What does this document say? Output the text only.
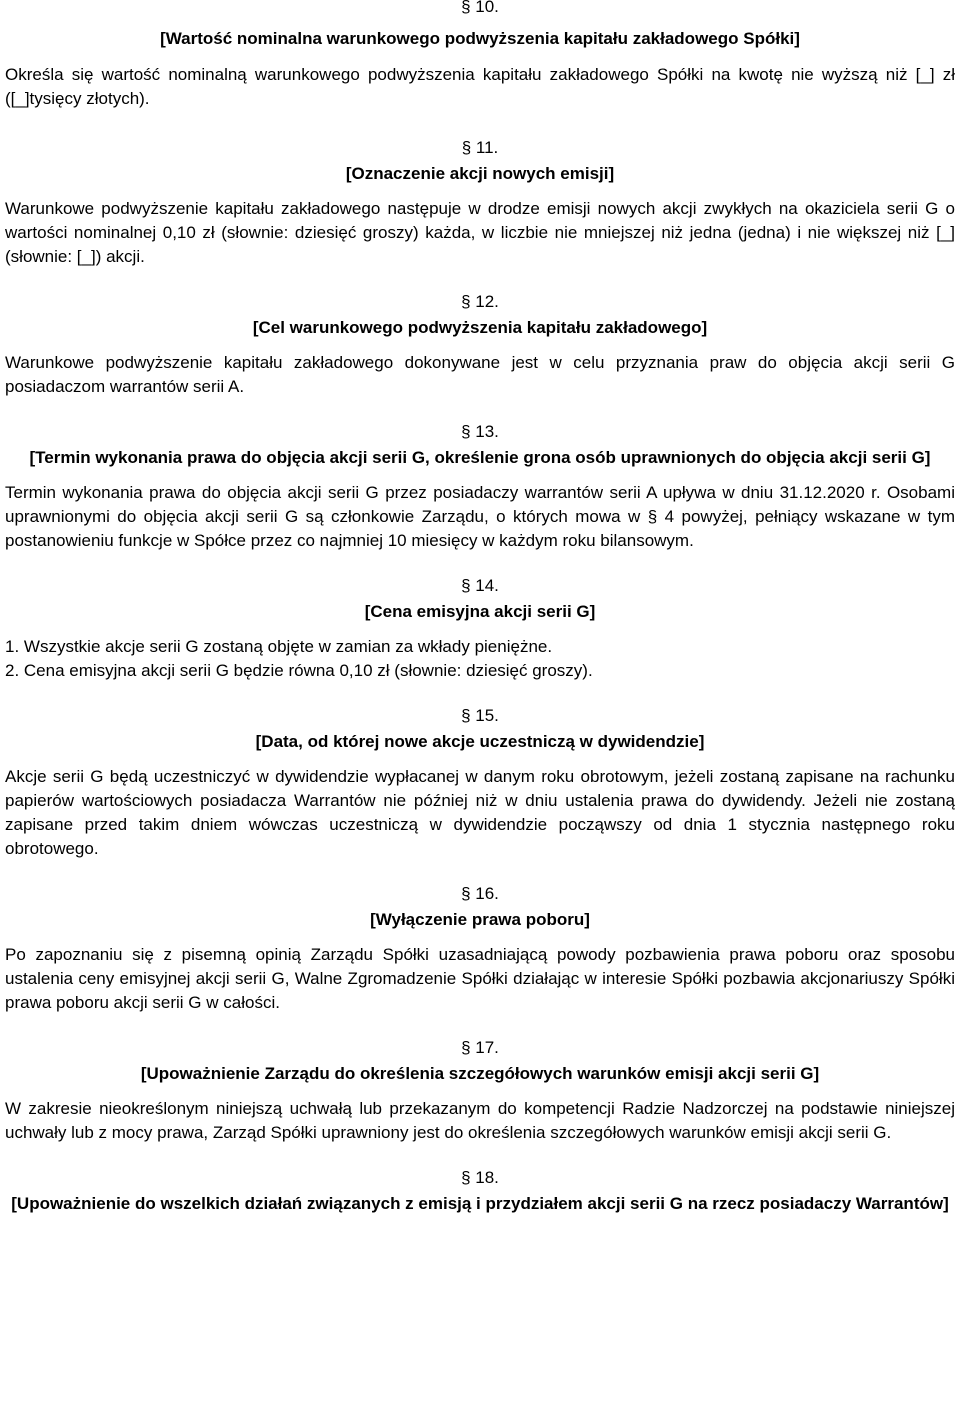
§ 10.
[Wartość nominalna warunkowego podwyższenia kapitału zakładowego Spółki]

Określa się wartość nominalną warunkowego podwyższenia kapitału zakładowego Spółki na kwotę nie wyższą niż [_] zł ([_]tysięcy złotych).

§ 11.
[Oznaczenie akcji nowych emisji]

Warunkowe podwyższenie kapitału zakładowego następuje w drodze emisji nowych akcji zwykłych na okaziciela serii G o wartości nominalnej 0,10 zł (słownie: dziesięć groszy) każda, w liczbie nie mniejszej niż jedna (jedna) i nie większej niż [_] (słownie: [_]) akcji.

§ 12.
[Cel warunkowego podwyższenia kapitału zakładowego]

Warunkowe podwyższenie kapitału zakładowego dokonywane jest w celu przyznania praw do objęcia akcji serii G posiadaczom warrantów serii A.

§ 13.
[Termin wykonania prawa do objęcia akcji serii G, określenie grona osób uprawnionych do objęcia akcji serii G]

Termin wykonania prawa do objęcia akcji serii G przez posiadaczy warrantów serii A upływa w dniu 31.12.2020 r. Osobami uprawnionymi do objęcia akcji serii G są członkowie Zarządu, o których mowa w § 4 powyżej, pełniący wskazane w tym postanowieniu funkcje w Spółce przez co najmniej 10 miesięcy w każdym roku bilansowym.

§ 14.
[Cena emisyjna akcji serii G]
1. Wszystkie akcje serii G zostaną objęte w zamian za wkłady pieniężne.
2. Cena emisyjna akcji serii G będzie równa 0,10 zł (słownie: dziesięć groszy).
§ 15.
[Data, od której nowe akcje uczestniczą w dywidendzie]

Akcje serii G będą uczestniczyć w dywidendzie wypłacanej w danym roku obrotowym, jeżeli zostaną zapisane na rachunku papierów wartościowych posiadacza Warrantów nie później niż w dniu ustalenia prawa do dywidendy. Jeżeli nie zostaną zapisane przed takim dniem wówczas uczestniczą w dywidendzie począwszy od dnia 1 stycznia następnego roku obrotowego.

§ 16.
[Wyłączenie prawa poboru]

Po zapoznaniu się z pisemną opinią Zarządu Spółki uzasadniającą powody pozbawienia prawa poboru oraz sposobu ustalenia ceny emisyjnej akcji serii G, Walne Zgromadzenie Spółki działając w interesie Spółki pozbawia akcjonariuszy Spółki prawa poboru akcji serii G w całości.

§ 17.
[Upoważnienie Zarządu do określenia szczegółowych warunków emisji akcji serii G]

W zakresie nieokreślonym niniejszą uchwałą lub przekazanym do kompetencji Radzie Nadzorczej na podstawie niniejszej uchwały lub z mocy prawa, Zarząd Spółki uprawniony jest do określenia szczegółowych warunków emisji akcji serii G.

§ 18.
[Upoważnienie do wszelkich działań związanych z emisją i przydziałem akcji serii G na rzecz posiadaczy Warrantów]
